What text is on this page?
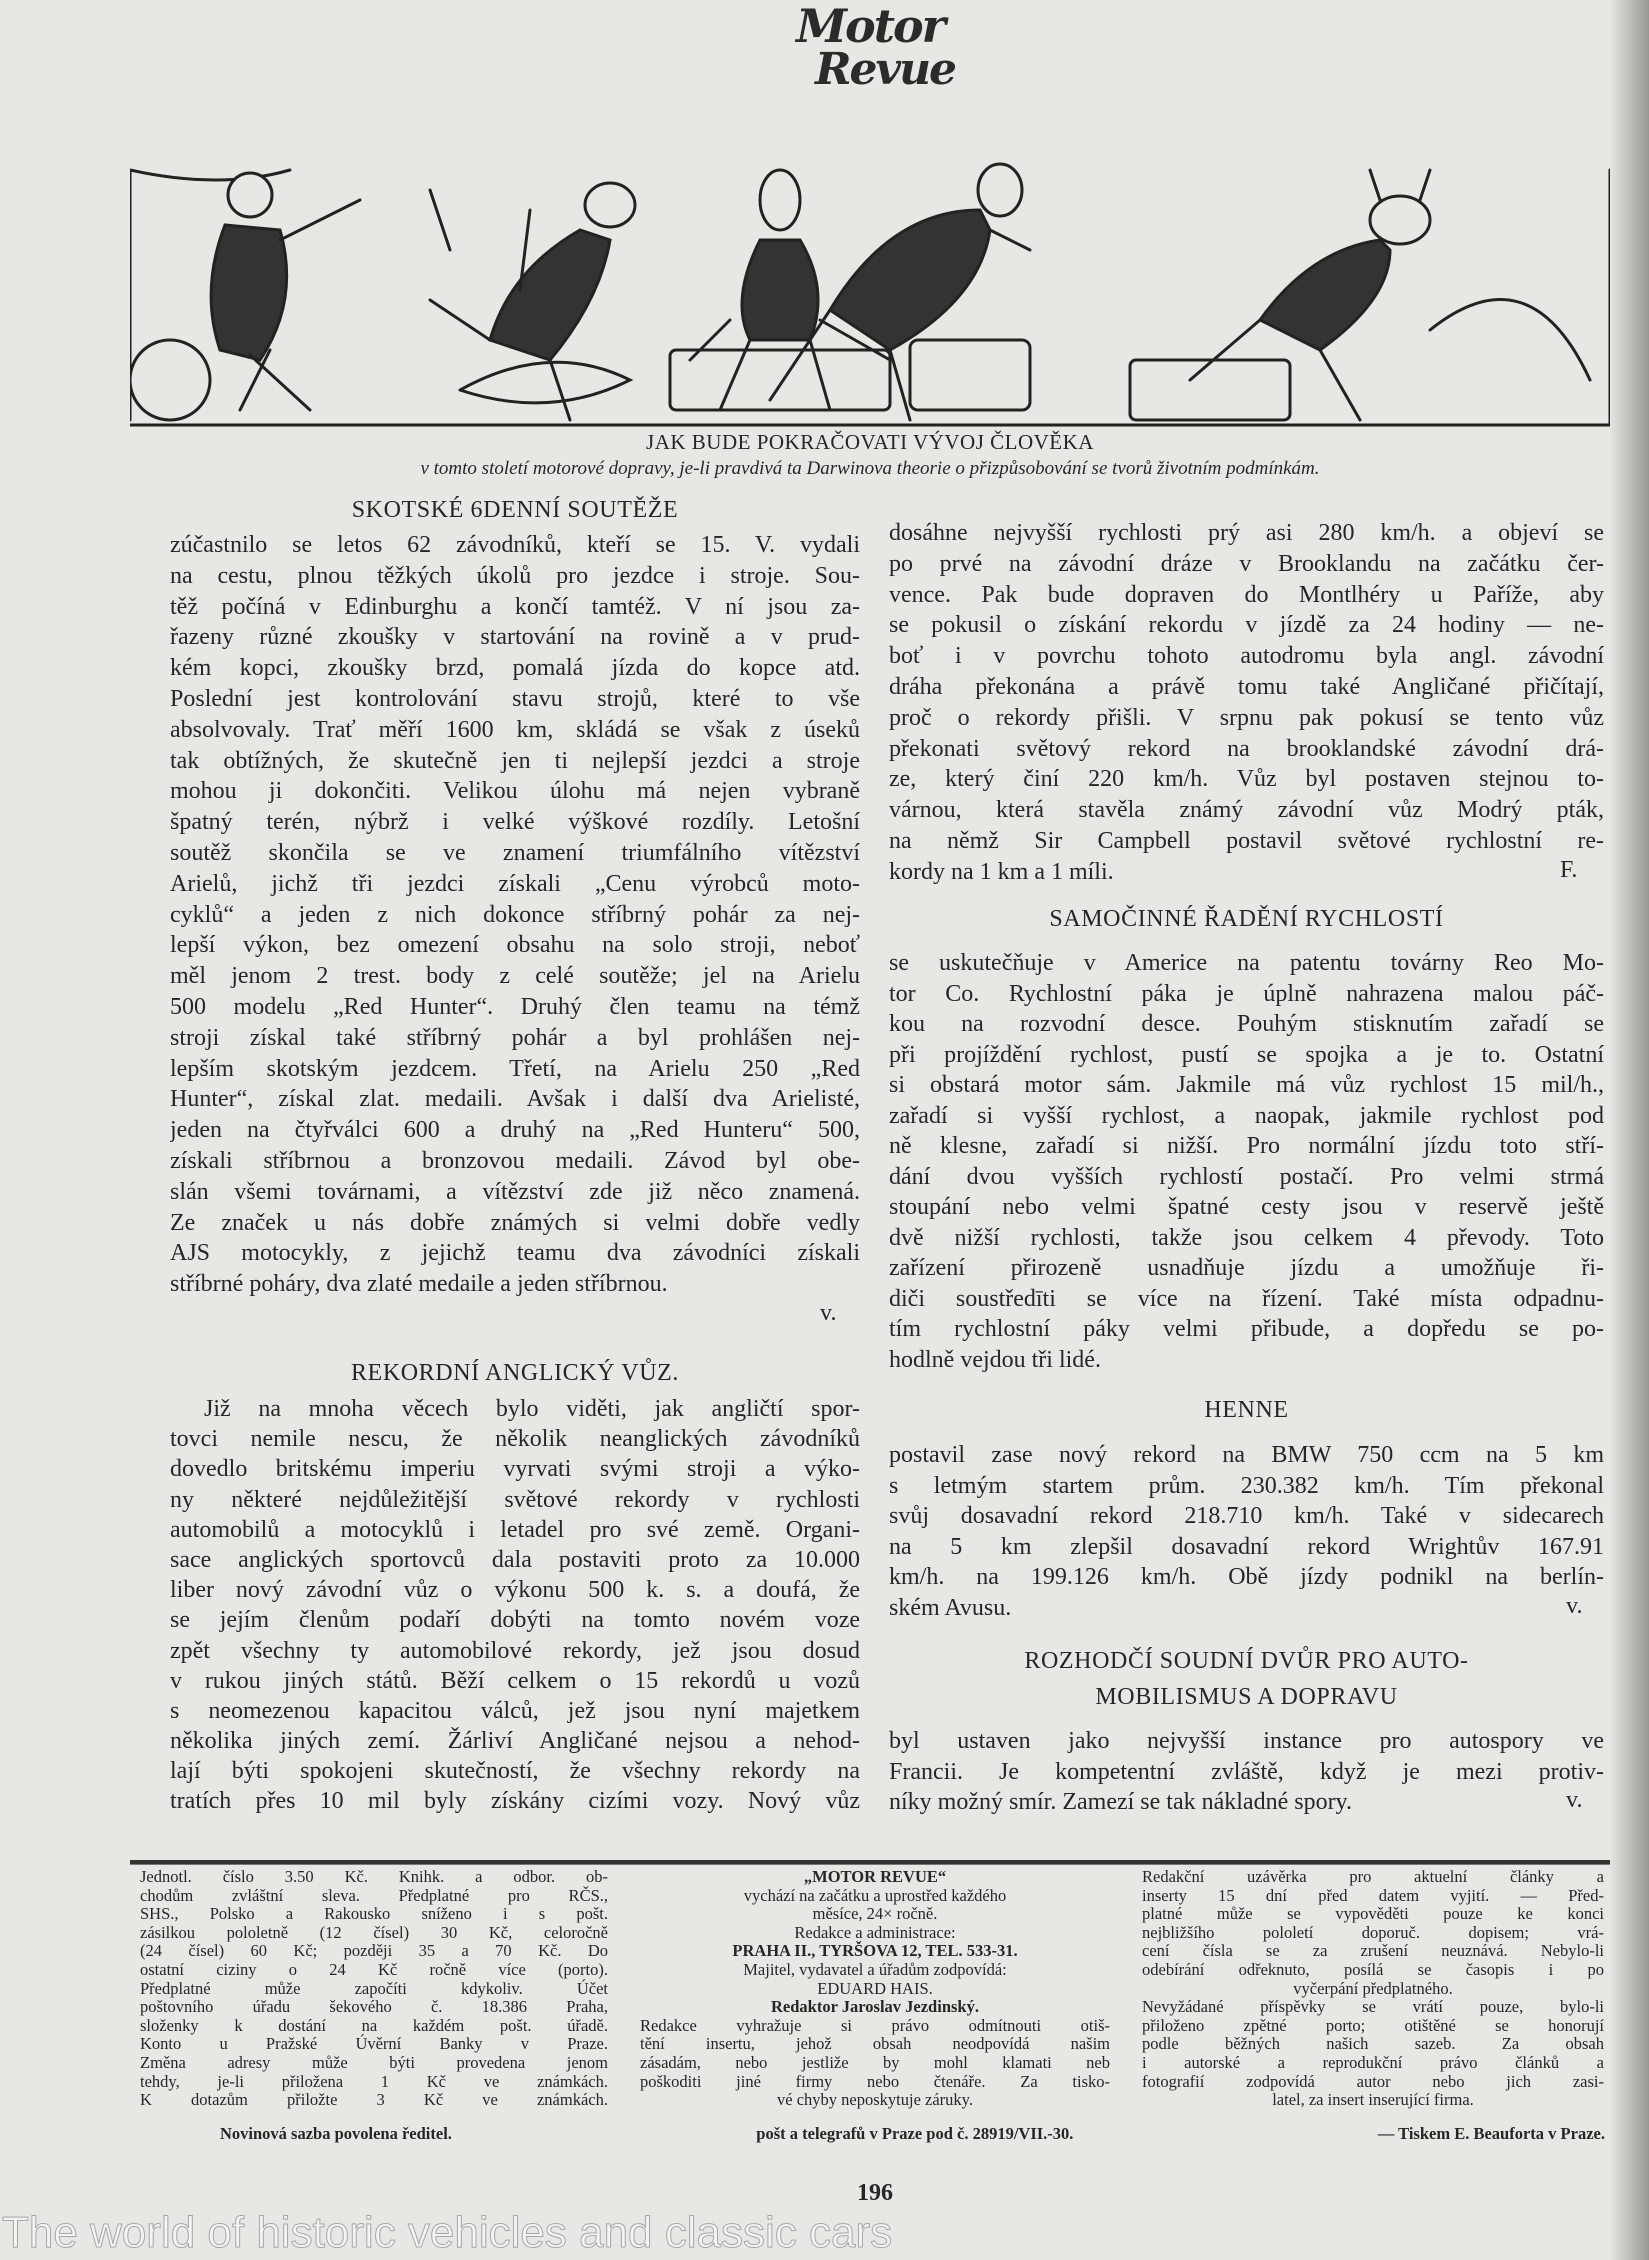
Motor
Revue
JAK BUDE POKRAČOVATI VÝVOJ ČLOVĚKA
v tomto století motorové dopravy, je-li pravdivá ta Darwinova theorie o přizpůsobování se tvorů životním podmínkám.
SKOTSKÉ 6DENNÍ SOUTĚŽE
zúčastnilo se letos 62 závodníků, kteří se 15. V. vydali
na cestu, plnou těžkých úkolů pro jezdce i stroje. Sou-
těž počíná v Edinburghu a končí tamtéž. V ní jsou za-
řazeny různé zkoušky v startování na rovině a v prud-
kém kopci, zkoušky brzd, pomalá jízda do kopce atd.
Poslední jest kontrolování stavu strojů, které to vše
absolvovaly. Trať měří 1600 km, skládá se však z úseků
tak obtížných, že skutečně jen ti nejlepší jezdci a stroje
mohou ji dokončiti. Velikou úlohu má nejen vybraně
špatný terén, nýbrž i velké výškové rozdíly. Letošní
soutěž skončila se ve znamení triumfálního vítězství
Arielů, jichž tři jezdci získali „Cenu výrobců moto-
cyklů“ a jeden z nich dokonce stříbrný pohár za nej-
lepší výkon, bez omezení obsahu na solo stroji, neboť
měl jenom 2 trest. body z celé soutěže; jel na Arielu
500 modelu „Red Hunter“. Druhý člen teamu na témž
stroji získal také stříbrný pohár a byl prohlášen nej-
lepším skotským jezdcem. Třetí, na Arielu 250 „Red
Hunter“, získal zlat. medaili. Avšak i další dva Arielisté,
jeden na čtyřválci 600 a druhý na „Red Hunteru“ 500,
získali stříbrnou a bronzovou medaili. Závod byl obe-
slán všemi továrnami, a vítězství zde již něco znamená.
Ze značek u nás dobře známých si velmi dobře vedly
AJS motocykly, z jejichž teamu dva závodníci získali
stříbrné poháry, dva zlaté medaile a jeden stříbrnou.
v.
REKORDNÍ ANGLICKÝ VŮZ.
Již na mnoha věcech bylo viděti, jak angličtí spor-
tovci nemile nescu, že několik neanglických závodníků
dovedlo britskému imperiu vyrvati svými stroji a výko-
ny některé nejdůležitější světové rekordy v rychlosti
automobilů a motocyklů i letadel pro své země. Organi-
sace anglických sportovců dala postaviti proto za 10.000
liber nový závodní vůz o výkonu 500 k. s. a doufá, že
se jejím členům podaří dobýti na tomto novém voze
zpět všechny ty automobilové rekordy, jež jsou dosud
v rukou jiných států. Běží celkem o 15 rekordů u vozů
s neomezenou kapacitou válců, jež jsou nyní majetkem
několika jiných zemí. Žárliví Angličané nejsou a nehod-
lají býti spokojeni skutečností, že všechny rekordy na
tratích přes 10 mil byly získány cizími vozy. Nový vůz
dosáhne nejvyšší rychlosti prý asi 280 km/h. a objeví se
po prvé na závodní dráze v Brooklandu na začátku čer-
vence. Pak bude dopraven do Montlhéry u Paříže, aby
se pokusil o získání rekordu v jízdě za 24 hodiny — ne-
boť i v povrchu tohoto autodromu byla angl. závodní
dráha překonána a právě tomu také Angličané přičítají,
proč o rekordy přišli. V srpnu pak pokusí se tento vůz
překonati světový rekord na brooklandské závodní drá-
ze, který činí 220 km/h. Vůz byl postaven stejnou to-
várnou, která stavěla známý závodní vůz Modrý pták,
na němž Sir Campbell postavil světové rychlostní re-
kordy na 1 km a 1 míli.	F.
SAMOČINNÉ ŘADĚNÍ RYCHLOSTÍ
se uskutečňuje v Americe na patentu továrny Reo Mo-
tor Co. Rychlostní páka je úplně nahrazena malou páč-
kou na rozvodní desce. Pouhým stisknutím zařadí se
při projíždění rychlost, pustí se spojka a je to. Ostatní
si obstará motor sám. Jakmile má vůz rychlost 15 mil/h.,
zařadí si vyšší rychlost, a naopak, jakmile rychlost pod
ně klesne, zařadí si nižší. Pro normální jízdu toto stří-
dání dvou vyšších rychlostí postačí. Pro velmi strmá
stoupání nebo velmi špatné cesty jsou v reservě ještě
dvě nižší rychlosti, takže jsou celkem 4 převody. Toto
zařízení přirozeně usnadňuje jízdu a umožňuje ři-
diči soustředīti se více na řízení. Také místa odpadnu-
tím rychlostní páky velmi přibude, a dopředu se po-
hodlně vejdou tři lidé.
HENNE
postavil zase nový rekord na BMW 750 ccm na 5 km
s letmým startem prům. 230.382 km/h. Tím překonal
svůj dosavadní rekord 218.710 km/h. Také v sidecarech
na 5 km zlepšil dosavadní rekord Wrightův 167.91
km/h. na 199.126 km/h. Obě jízdy podnikl na berlín-
ském Avusu.	v.
ROZHODČÍ SOUDNÍ DVŮR PRO AUTO-
MOBILISMUS A DOPRAVU
byl ustaven jako nejvyšší instance pro autospory ve
Francii. Je kompetentní zvláště, když je mezi protiv-
níky možný smír. Zamezí se tak nákladné spory.	v.
Jednotl. číslo 3.50 Kč. Knihk. a odbor. ob-
chodům zvláštní sleva. Předplatné pro RČS.,
SHS., Polsko a Rakousko sníženo i s pošt.
zásilkou pololetně (12 čísel) 30 Kč, celoročně
(24 čísel) 60 Kč; později 35 a 70 Kč. Do
ostatní ciziny o 24 Kč ročně více (porto).
Předplatné může započíti kdykoliv. Účet
poštovního úřadu šekového č. 18.386 Praha,
složenky k dostání na každém pošt. úřadě.
Konto u Pražské Úvěrní Banky v Praze.
Změna adresy může býti provedena jenom
tehdy, je-li přiložena 1 Kč ve známkách.
K dotazům přiložte 3 Kč ve známkách.
„MOTOR REVUE“
vychází na začátku a uprostřed každého
měsíce, 24× ročně.
Redakce a administrace:
PRAHA II., TYRŠOVA 12, TEL. 533-31.
Majitel, vydavatel a úřadům zodpovídá:
EDUARD HAIS.
Redaktor Jaroslav Jezdinský.
Redakce vyhražuje si právo odmítnouti otiš-
tění insertu, jehož obsah neodpovídá našim
zásadám, nebo jestliže by mohl klamati neb
poškoditi jiné firmy nebo čtenáře. Za tisko-
vé chyby neposkytuje záruky.
Redakční uzávěrka pro aktuelní články a
inserty 15 dní před datem vyjití. — Před-
platné může se vypověděti pouze ke konci
nejbližšího pololetí doporuč. dopisem; vrá-
cení čísla se za zrušení neuznává. Nebylo-li
odebírání odřeknuto, posílá se časopis i po
vyčerpání předplatného.
Nevyžádané příspěvky se vrátí pouze, bylo-li
přiloženo zpětné porto; otištěné se honorují
podle běžných našich sazeb. Za obsah
i autorské a reprodukční právo článků a
fotografií zodpovídá autor nebo jich zasi-
latel, za insert inserující firma.
Novinová sazba povolena ředitel.	pošt a telegrafů v Praze pod č. 28919/VII.-30.	— Tiskem E. Beauforta v Praze.
196
The world of historic vehicles and classic cars
